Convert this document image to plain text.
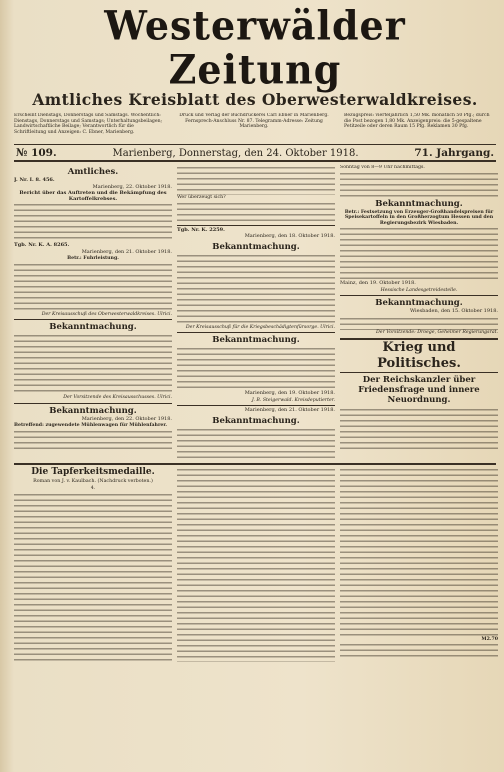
Westerwälder Zeitung
Amtliches Kreisblatt des Oberwesterwaldkreises.
Erscheint Dienstags, Donnerstags und Samstags. Wöchentlich: Dienstags, Donnerstags und Samstags; Unterhaltungsbeilagen; Landwirtschaftliche Beilage; Verantwortlich für die Schriftleitung und Anzeigen: C. Ebner, Marienberg.
Druck und Verlag der Buchdruckerei Carl Ebner in Marienberg. Fernsprech-Anschluss Nr. 87. Telegramm-Adresse: Zeitung Marienberg.
Bezugspreis: vierteljährlich 1,50 Mk. monatlich 50 Pfg.; durch die Post bezogen 1,80 Mk. Anzeigenpreis: die 5-gespaltene Petitzeile oder deren Raum 15 Pfg. Reklamen 30 Pfg.
№ 109.	Marienberg, Donnerstag, den 24. Oktober 1918.	71. Jahrgang.
Amtliches.
J. Nr. I. 8. 456.
Marienberg, 22. Oktober 1918.
Bericht über das Auftreten und die Bekämpfung des Kartoffelkrebses.
Tgb. Nr. K. A. 8265.
Marienberg, den 21. Oktober 1918.
Betr.: Fuhrleistung.
Der Kreisausschuß des Oberwesterwaldkreises. Ulrici.
Bekanntmachung.
Der Vorsitzende des Kreisausschusses. Ulrici.
Bekanntmachung.
Marienberg, den 22. Oktober 1918.
Betreffend: zugewendete Mühlenwagen für Mühlenfahrer.
Wer überzeugt sich?
Tgb. Nr. K. 2259.
Marienberg, den 18. Oktober 1918.
Bekanntmachung.
Der Kreisausschuß für die Kriegsbeschädigtenfürsorge. Ulrici.
Bekanntmachung.
Marienberg, den 19. Oktober 1918.
J. B. Steigerwald. Kreisdeputierter.
Marienberg, den 21. Oktober 1918.
Bekanntmachung.
Sonntag von 8—9 Uhr nachmittags.
Bekanntmachung.
Betr.: Festsetzung von Erzeuger-Großhandelspreisen für Speisekartoffeln in den Großherzogtum Hessen und den Regierungsbezirk Wiesbaden.
Mainz, den 19. Oktober 1918.
Hessische Landesgetreidestelle.
Bekanntmachung.
Wiesbaden, den 15. Oktober 1918.
Der Vorsitzende: Droege, Geheimer Regierungsrat.
Krieg und Politisches.
Der Reichskanzler über Friedensfrage und innere Neuordnung.
Die Tapferkeitsmedaille.
Roman von J. v. Kaulbach. (Nachdruck verboten.)
4.
M2.70
